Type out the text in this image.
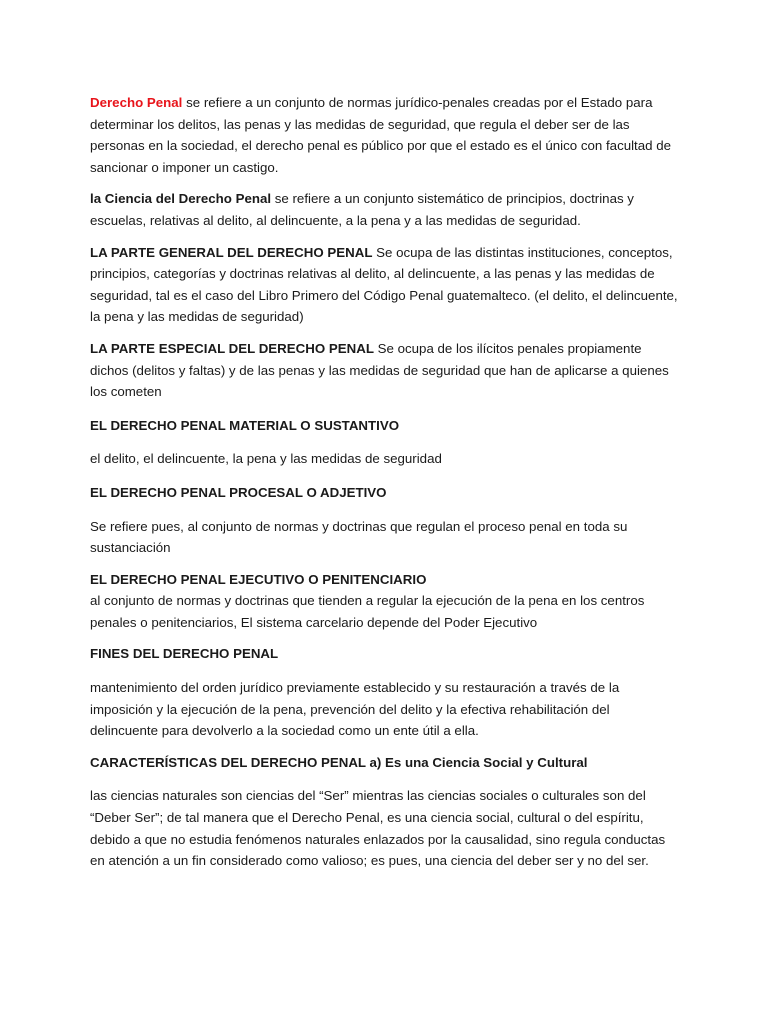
Derecho Penal se refiere a un conjunto de normas jurídico-penales creadas por el Estado para determinar los delitos, las penas y las medidas de seguridad, que regula el deber ser de las personas en la sociedad, el derecho penal es público por que el estado es el único con facultad de sancionar o imponer un castigo.

la Ciencia del Derecho Penal se refiere a un conjunto sistemático de principios, doctrinas y escuelas, relativas al delito, al delincuente, a la pena y a las medidas de seguridad.

LA PARTE GENERAL DEL DERECHO PENAL Se ocupa de las distintas instituciones, conceptos, principios, categorías y doctrinas relativas al delito, al delincuente, a las penas y las medidas de seguridad, tal es el caso del Libro Primero del Código Penal guatemalteco. (el delito, el delincuente, la pena y las medidas de seguridad)

LA PARTE ESPECIAL DEL DERECHO PENAL Se ocupa de los ilícitos penales propiamente dichos (delitos y faltas) y de las penas y las medidas de seguridad que han de aplicarse a quienes los cometen

EL DERECHO PENAL MATERIAL O SUSTANTIVO

el delito, el delincuente, la pena y las medidas de seguridad

EL DERECHO PENAL PROCESAL O ADJETIVO

Se refiere pues, al conjunto de normas y doctrinas que regulan el proceso penal en toda su sustanciación

EL DERECHO PENAL EJECUTIVO O PENITENCIARIO

al conjunto de normas y doctrinas que tienden a regular la ejecución de la pena en los centros penales o penitenciarios, El sistema carcelario depende del Poder Ejecutivo

FINES DEL DERECHO PENAL

mantenimiento del orden jurídico previamente establecido y su restauración a través de la imposición y la ejecución de la pena, prevención del delito y la efectiva rehabilitación del delincuente para devolverlo a la sociedad como un ente útil a ella.

CARACTERÍSTICAS DEL DERECHO PENAL a) Es una Ciencia Social y Cultural

las ciencias naturales son ciencias del “Ser” mientras las ciencias sociales o culturales son del “Deber Ser”; de tal manera que el Derecho Penal, es una ciencia social, cultural o del espíritu, debido a que no estudia fenómenos naturales enlazados por la causalidad, sino regula conductas en atención a un fin considerado como valioso; es pues, una ciencia del deber ser y no del ser.
